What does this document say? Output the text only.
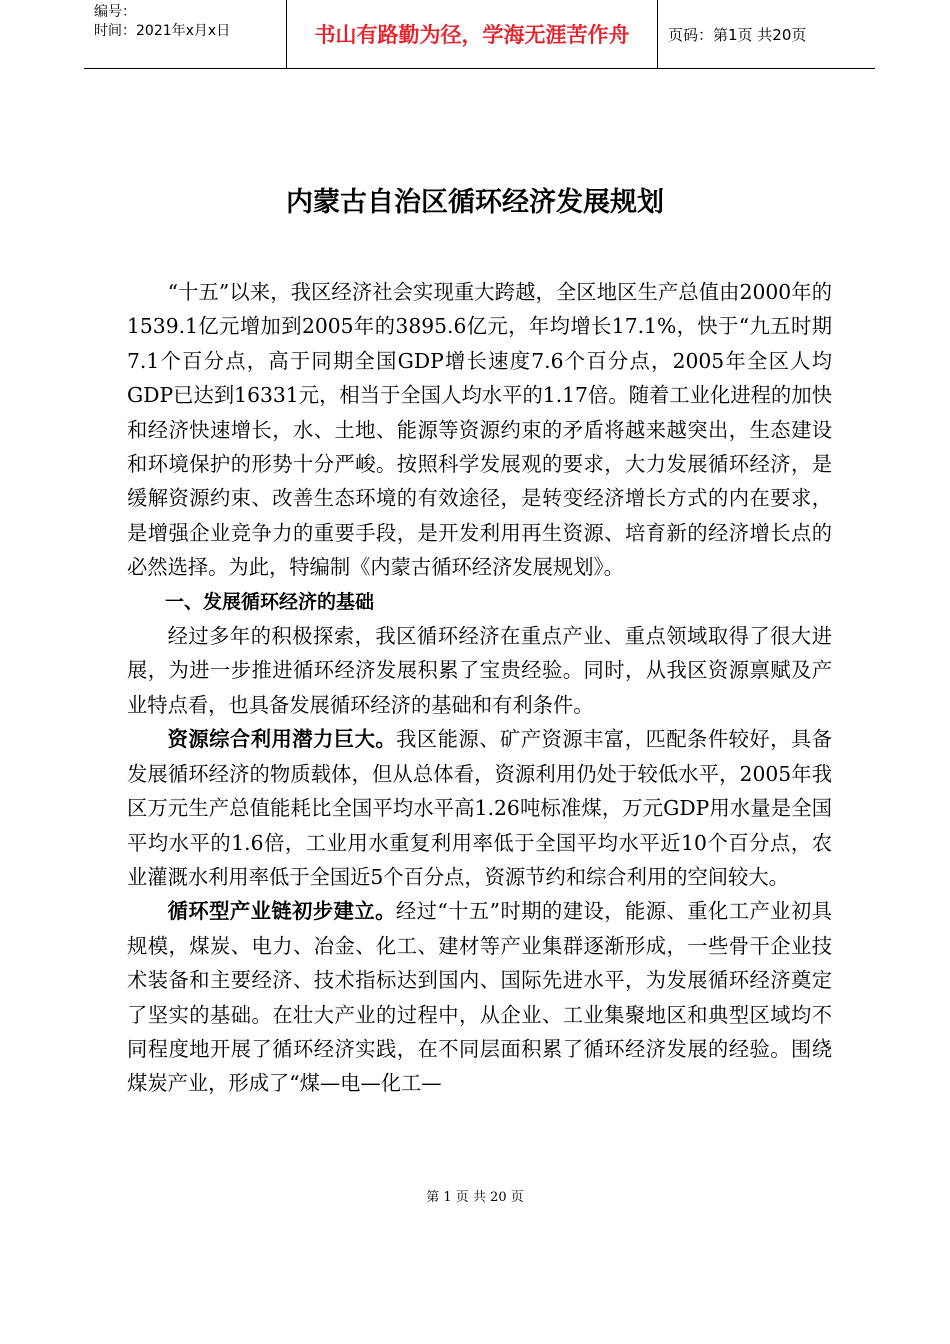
编号：
时间：2021年x月x日	书山有路勤为径，学海无涯苦作舟	页码：第1页 共20页
内蒙古自治区循环经济发展规划

“十五”以来，我区经济社会实现重大跨越，全区地区生产总值由2000年的1539.1亿元增加到2005年的3895.6亿元，年均增长17.1%，快于“九五时期7.1个百分点，高于同期全国GDP增长速度7.6个百分点，2005年全区人均GDP已达到16331元，相当于全国人均水平的1.17倍。随着工业化进程的加快和经济快速增长，水、土地、能源等资源约束的矛盾将越来越突出，生态建设和环境保护的形势十分严峻。按照科学发展观的要求，大力发展循环经济，是缓解资源约束、改善生态环境的有效途径，是转变经济增长方式的内在要求，是增强企业竞争力的重要手段，是开发利用再生资源、培育新的经济增长点的必然选择。为此，特编制《内蒙古循环经济发展规划》。

一、发展循环经济的基础

经过多年的积极探索，我区循环经济在重点产业、重点领域取得了很大进展，为进一步推进循环经济发展积累了宝贵经验。同时，从我区资源禀赋及产业特点看，也具备发展循环经济的基础和有利条件。

资源综合利用潜力巨大。我区能源、矿产资源丰富，匹配条件较好，具备发展循环经济的物质载体，但从总体看，资源利用仍处于较低水平，2005年我区万元生产总值能耗比全国平均水平高1.26吨标准煤，万元GDP用水量是全国平均水平的1.6倍，工业用水重复利用率低于全国平均水平近10个百分点，农业灌溉水利用率低于全国近5个百分点，资源节约和综合利用的空间较大。

循环型产业链初步建立。经过“十五”时期的建设，能源、重化工产业初具规模，煤炭、电力、冶金、化工、建材等产业集群逐渐形成，一些骨干企业技术装备和主要经济、技术指标达到国内、国际先进水平，为发展循环经济奠定了坚实的基础。在壮大产业的过程中，从企业、工业集聚地区和典型区域均不同程度地开展了循环经济实践，在不同层面积累了循环经济发展的经验。围绕煤炭产业，形成了“煤—电—化工—

第 1 页 共 20 页
